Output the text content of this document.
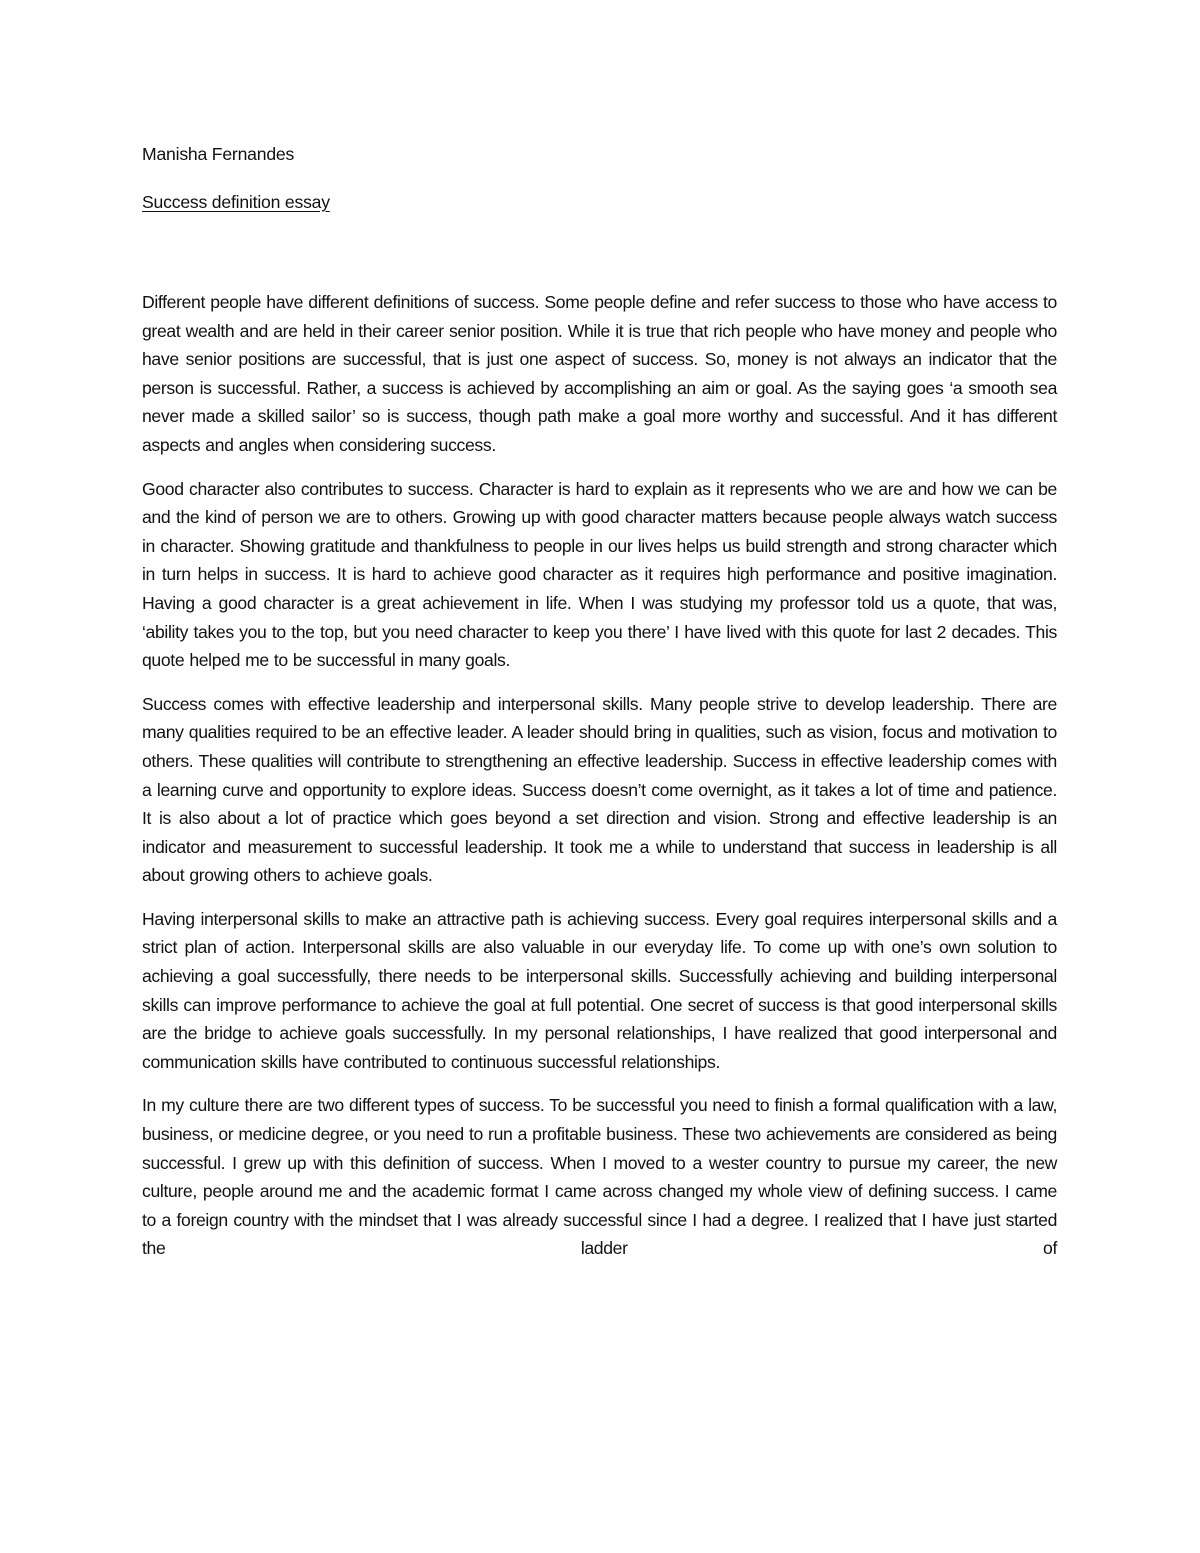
Manisha Fernandes

Success definition essay

Different people have different definitions of success. Some people define and refer success to those who have access to great wealth and are held in their career senior position. While it is true that rich people who have money and people who have senior positions are successful, that is just one aspect of success. So, money is not always an indicator that the person is successful. Rather, a success is achieved by accomplishing an aim or goal. As the saying goes ‘a smooth sea never made a skilled sailor’ so is success, though path make a goal more worthy and successful. And it has different aspects and angles when considering success.

Good character also contributes to success. Character is hard to explain as it represents who we are and how we can be and the kind of person we are to others. Growing up with good character matters because people always watch success in character. Showing gratitude and thankfulness to people in our lives helps us build strength and strong character which in turn helps in success. It is hard to achieve good character as it requires high performance and positive imagination. Having a good character is a great achievement in life. When I was studying my professor told us a quote, that was, ‘ability takes you to the top, but you need character to keep you there’ I have lived with this quote for last 2 decades. This quote helped me to be successful in many goals.

Success comes with effective leadership and interpersonal skills. Many people strive to develop leadership. There are many qualities required to be an effective leader. A leader should bring in qualities, such as vision, focus and motivation to others. These qualities will contribute to strengthening an effective leadership. Success in effective leadership comes with a learning curve and opportunity to explore ideas. Success doesn’t come overnight, as it takes a lot of time and patience. It is also about a lot of practice which goes beyond a set direction and vision. Strong and effective leadership is an indicator and measurement to successful leadership. It took me a while to understand that success in leadership is all about growing others to achieve goals.

Having interpersonal skills to make an attractive path is achieving success. Every goal requires interpersonal skills and a strict plan of action. Interpersonal skills are also valuable in our everyday life. To come up with one’s own solution to achieving a goal successfully, there needs to be interpersonal skills. Successfully achieving and building interpersonal skills can improve performance to achieve the goal at full potential. One secret of success is that good interpersonal skills are the bridge to achieve goals successfully. In my personal relationships, I have realized that good interpersonal and communication skills have contributed to continuous successful relationships.

In my culture there are two different types of success. To be successful you need to finish a formal qualification with a law, business, or medicine degree, or you need to run a profitable business. These two achievements are considered as being successful. I grew up with this definition of success. When I moved to a wester country to pursue my career, the new culture, people around me and the academic format I came across changed my whole view of defining success. I came to a foreign country with the mindset that I was already successful since I had a degree. I realized that I have just started the ladder of
